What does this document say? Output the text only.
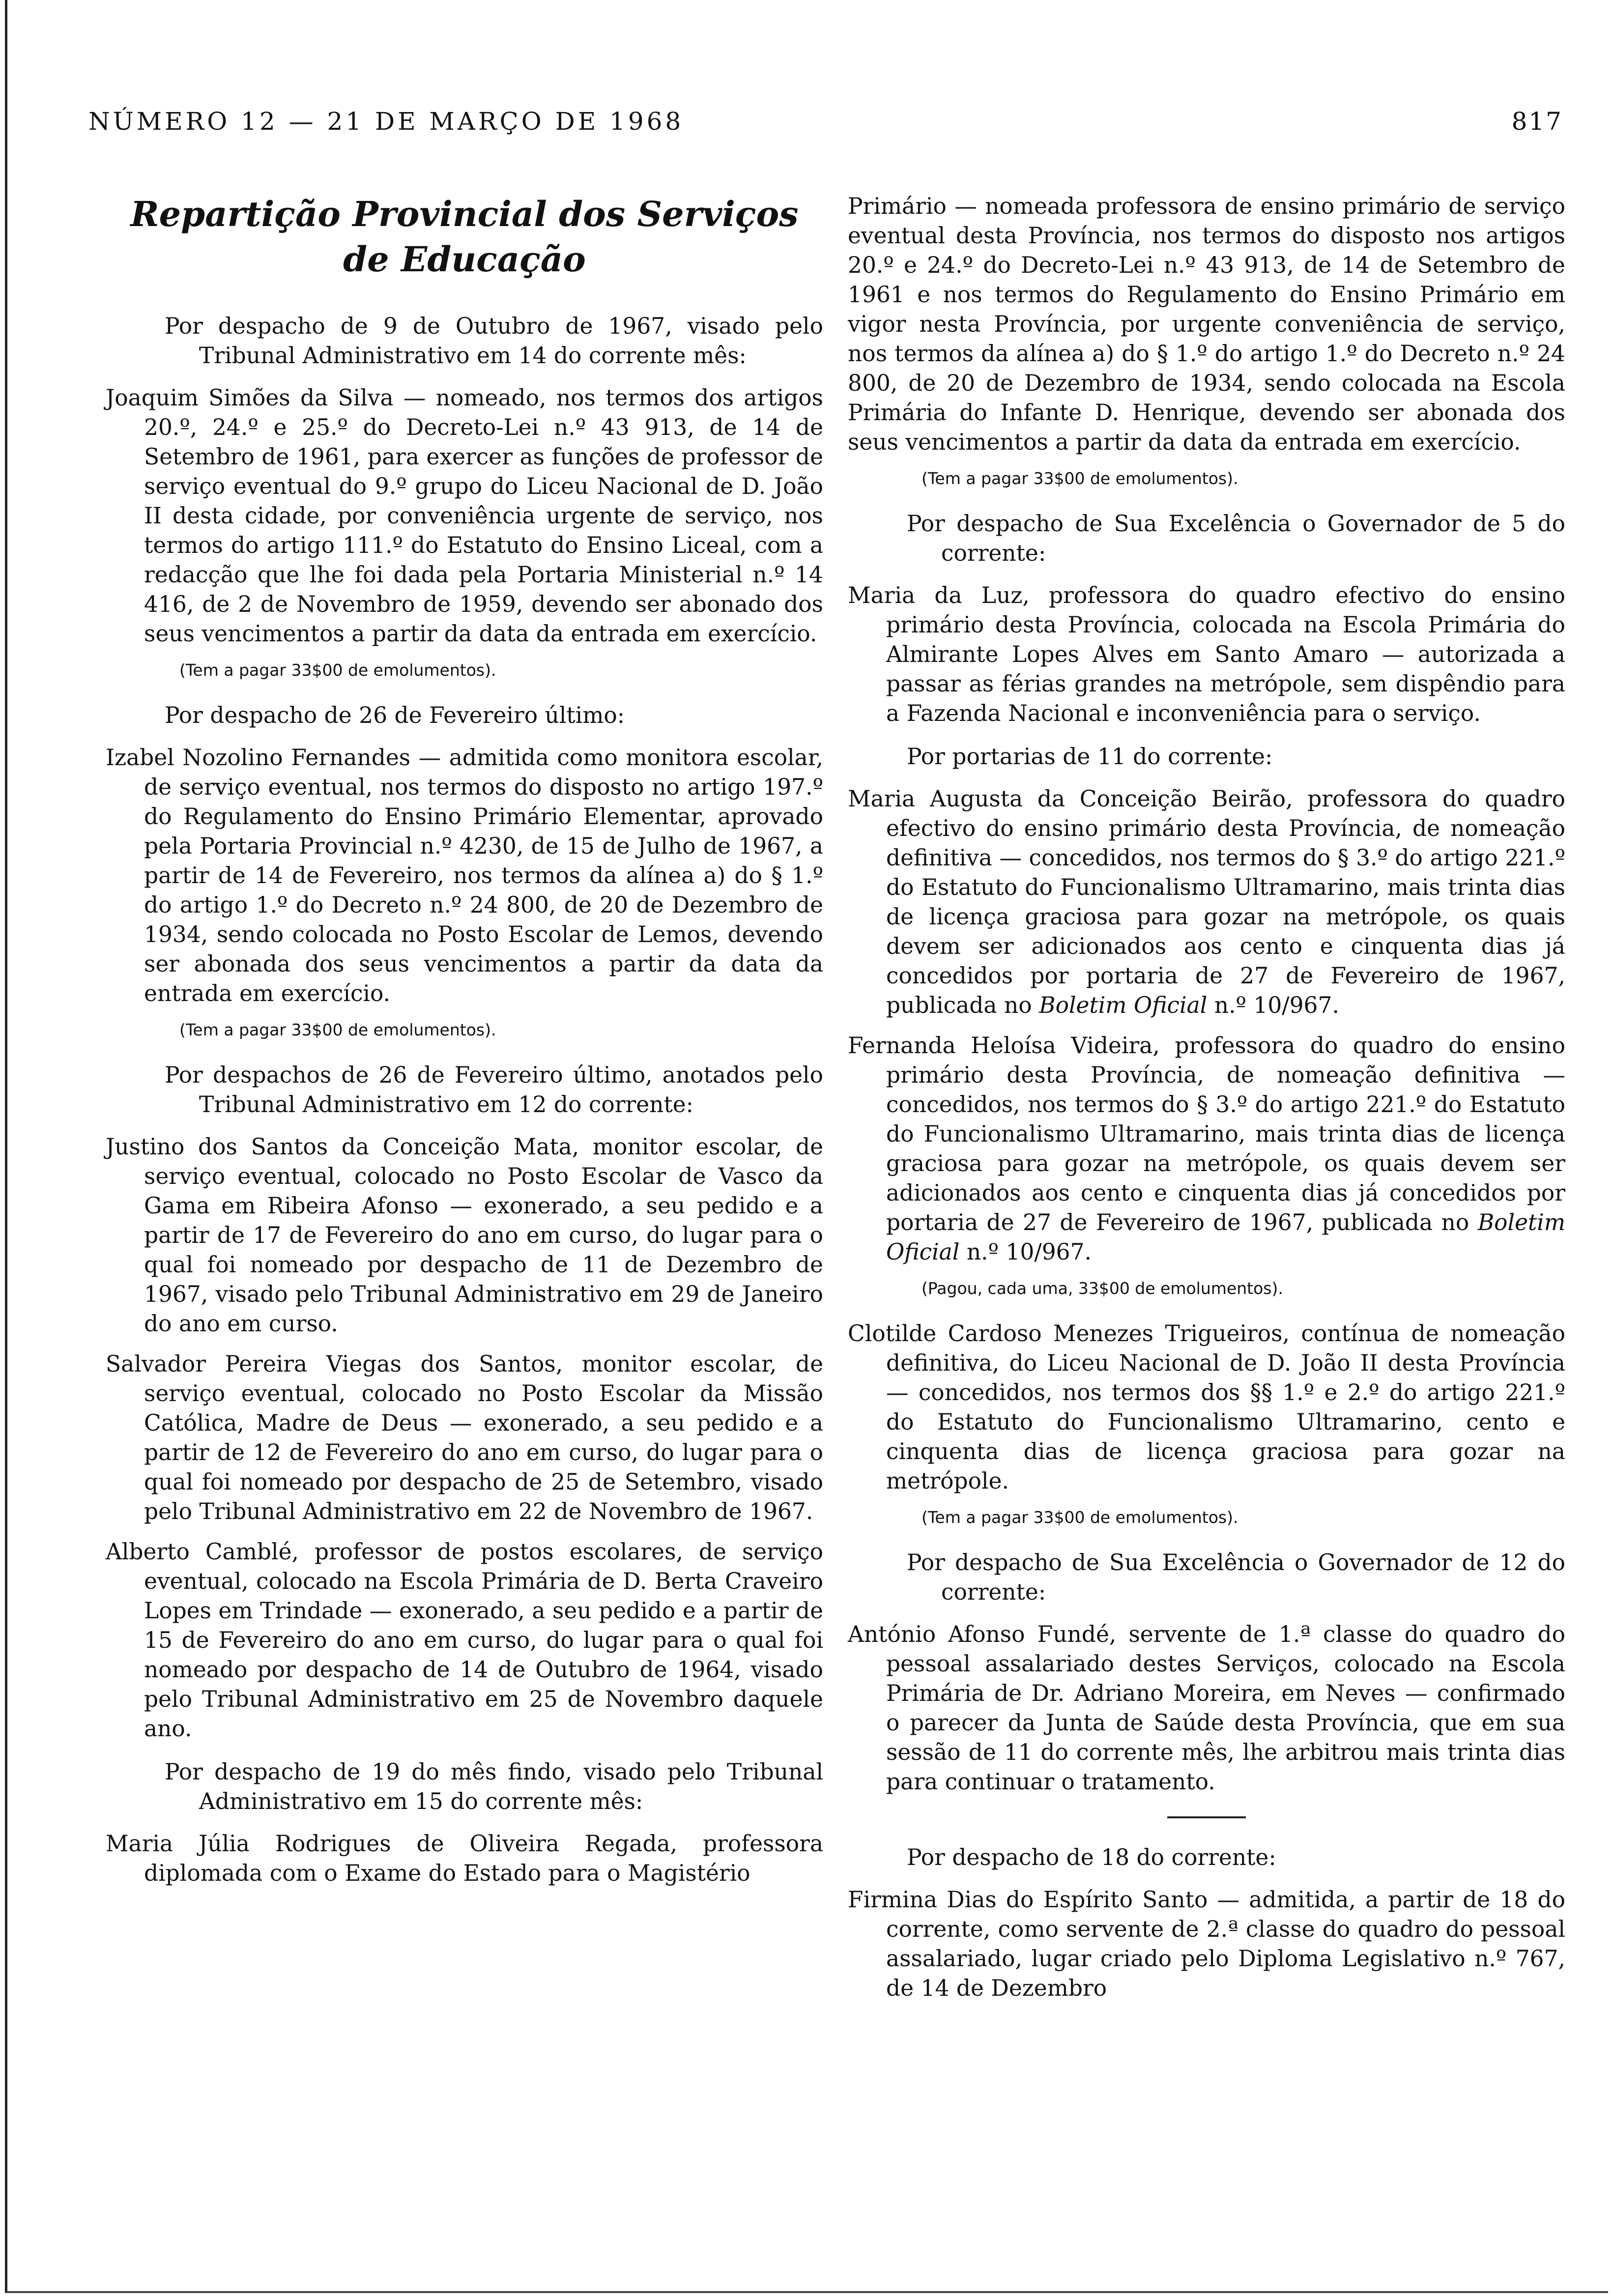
NÚMERO 12 — 21 DE MARÇO DE 1968	817
Repartição Provincial dos Serviços
de Educação

Por despacho de 9 de Outubro de 1967, visado pelo Tribunal Administrativo em 14 do corrente mês:

Joaquim Simões da Silva — nomeado, nos termos dos artigos 20.º, 24.º e 25.º do Decreto-Lei n.º 43 913, de 14 de Setembro de 1961, para exercer as funções de professor de serviço eventual do 9.º grupo do Liceu Nacional de D. João II desta cidade, por conveniência urgente de serviço, nos termos do artigo 111.º do Estatuto do Ensino Liceal, com a redacção que lhe foi dada pela Portaria Ministerial n.º 14 416, de 2 de Novembro de 1959, devendo ser abonado dos seus vencimentos a partir da data da entrada em exercício.

(Tem a pagar 33$00 de emolumentos).

Por despacho de 26 de Fevereiro último:

Izabel Nozolino Fernandes — admitida como monitora escolar, de serviço eventual, nos termos do disposto no artigo 197.º do Regulamento do Ensino Primário Elementar, aprovado pela Portaria Provincial n.º 4230, de 15 de Julho de 1967, a partir de 14 de Fevereiro, nos termos da alínea a) do § 1.º do artigo 1.º do Decreto n.º 24 800, de 20 de Dezembro de 1934, sendo colocada no Posto Escolar de Lemos, devendo ser abonada dos seus vencimentos a partir da data da entrada em exercício.

(Tem a pagar 33$00 de emolumentos).

Por despachos de 26 de Fevereiro último, anotados pelo Tribunal Administrativo em 12 do corrente:

Justino dos Santos da Conceição Mata, monitor escolar, de serviço eventual, colocado no Posto Escolar de Vasco da Gama em Ribeira Afonso — exonerado, a seu pedido e a partir de 17 de Fevereiro do ano em curso, do lugar para o qual foi nomeado por despacho de 11 de Dezembro de 1967, visado pelo Tribunal Administrativo em 29 de Janeiro do ano em curso.

Salvador Pereira Viegas dos Santos, monitor escolar, de serviço eventual, colocado no Posto Escolar da Missão Católica, Madre de Deus — exonerado, a seu pedido e a partir de 12 de Fevereiro do ano em curso, do lugar para o qual foi nomeado por despacho de 25 de Setembro, visado pelo Tribunal Administrativo em 22 de Novembro de 1967.

Alberto Camblé, professor de postos escolares, de serviço eventual, colocado na Escola Primária de D. Berta Craveiro Lopes em Trindade — exonerado, a seu pedido e a partir de 15 de Fevereiro do ano em curso, do lugar para o qual foi nomeado por despacho de 14 de Outubro de 1964, visado pelo Tribunal Administrativo em 25 de Novembro daquele ano.

Por despacho de 19 do mês findo, visado pelo Tribunal Administrativo em 15 do corrente mês:

Maria Júlia Rodrigues de Oliveira Regada, professora diplomada com o Exame do Estado para o Magistério

Primário — nomeada professora de ensino primário de serviço eventual desta Província, nos termos do disposto nos artigos 20.º e 24.º do Decreto-Lei n.º 43 913, de 14 de Setembro de 1961 e nos termos do Regulamento do Ensino Primário em vigor nesta Província, por urgente conveniência de serviço, nos termos da alínea a) do § 1.º do artigo 1.º do Decreto n.º 24 800, de 20 de Dezembro de 1934, sendo colocada na Escola Primária do Infante D. Henrique, devendo ser abonada dos seus vencimentos a partir da data da entrada em exercício.

(Tem a pagar 33$00 de emolumentos).

Por despacho de Sua Excelência o Governador de 5 do corrente:

Maria da Luz, professora do quadro efectivo do ensino primário desta Província, colocada na Escola Primária do Almirante Lopes Alves em Santo Amaro — autorizada a passar as férias grandes na metrópole, sem dispêndio para a Fazenda Nacional e inconveniência para o serviço.

Por portarias de 11 do corrente:

Maria Augusta da Conceição Beirão, professora do quadro efectivo do ensino primário desta Província, de nomeação definitiva — concedidos, nos termos do § 3.º do artigo 221.º do Estatuto do Funcionalismo Ultramarino, mais trinta dias de licença graciosa para gozar na metrópole, os quais devem ser adicionados aos cento e cinquenta dias já concedidos por portaria de 27 de Fevereiro de 1967, publicada no Boletim Oficial n.º 10/967.

Fernanda Heloísa Videira, professora do quadro do ensino primário desta Província, de nomeação definitiva — concedidos, nos termos do § 3.º do artigo 221.º do Estatuto do Funcionalismo Ultramarino, mais trinta dias de licença graciosa para gozar na metrópole, os quais devem ser adicionados aos cento e cinquenta dias já concedidos por portaria de 27 de Fevereiro de 1967, publicada no Boletim Oficial n.º 10/967.

(Pagou, cada uma, 33$00 de emolumentos).

Clotilde Cardoso Menezes Trigueiros, contínua de nomeação definitiva, do Liceu Nacional de D. João II desta Província — concedidos, nos termos dos §§ 1.º e 2.º do artigo 221.º do Estatuto do Funcionalismo Ultramarino, cento e cinquenta dias de licença graciosa para gozar na metrópole.

(Tem a pagar 33$00 de emolumentos).

Por despacho de Sua Excelência o Governador de 12 do corrente:

António Afonso Fundé, servente de 1.ª classe do quadro do pessoal assalariado destes Serviços, colocado na Escola Primária de Dr. Adriano Moreira, em Neves — confirmado o parecer da Junta de Saúde desta Província, que em sua sessão de 11 do corrente mês, lhe arbitrou mais trinta dias para continuar o tratamento.

Por despacho de 18 do corrente:

Firmina Dias do Espírito Santo — admitida, a partir de 18 do corrente, como servente de 2.ª classe do quadro do pessoal assalariado, lugar criado pelo Diploma Legislativo n.º 767, de 14 de Dezembro
